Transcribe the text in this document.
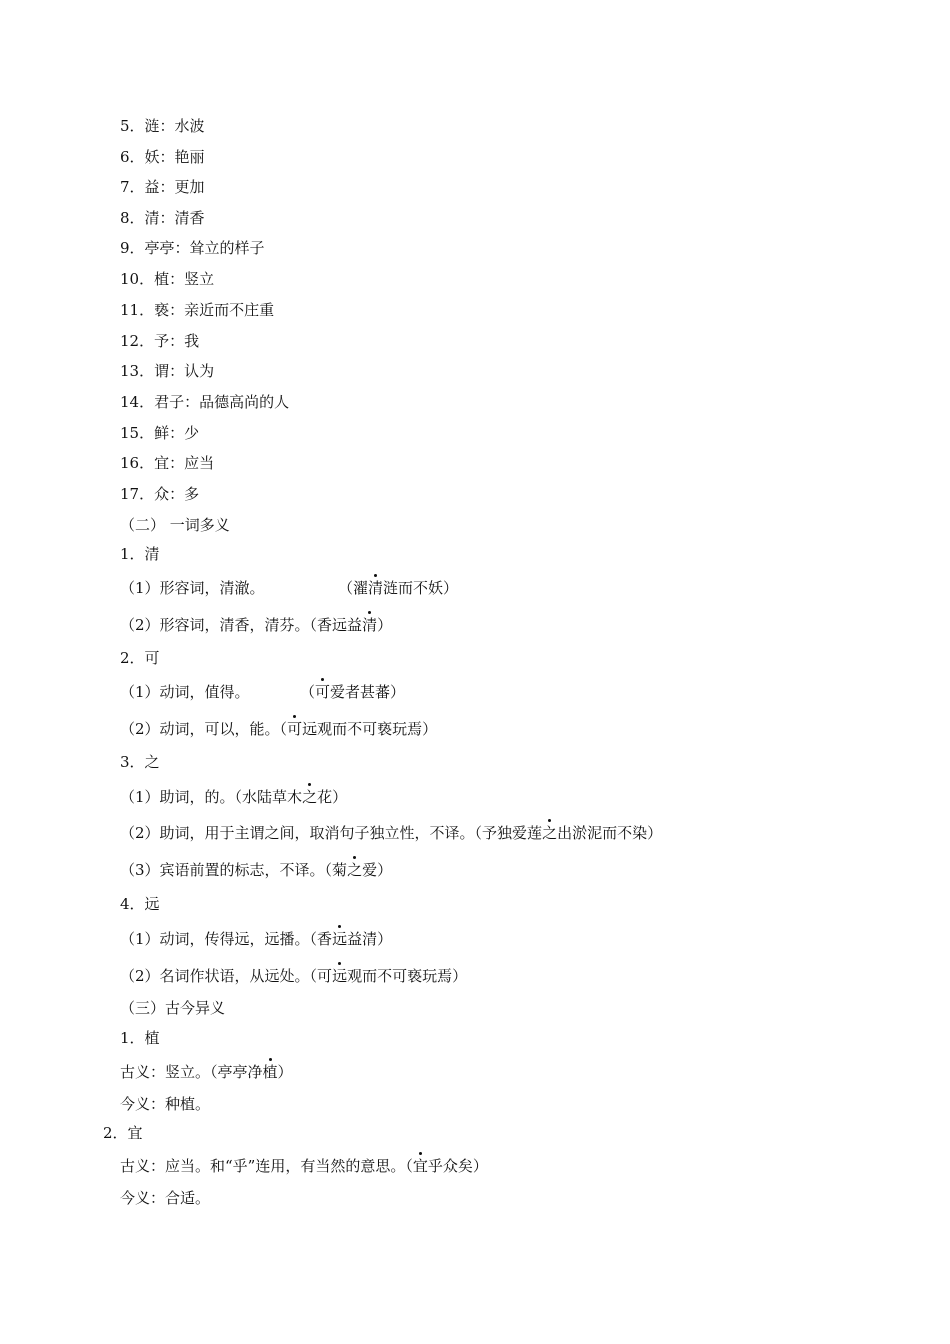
5．涟：水波
6．妖：艳丽
7．益：更加
8．清：清香
9．亭亭：耸立的样子
10．植：竖立
11．亵：亲近而不庄重
12．予：我
13．谓：认为
14．君子：品德高尚的人
15．鲜：少
16．宜：应当
17．众：多
（二） 一词多义
1．清
（1）形容词，清澈。	（濯清涟而不妖）
（2）形容词，清香，清芬。（香远益清）
2．可
（1）动词，值得。	（可爱者甚蕃）
（2）动词，可以，能。（可远观而不可亵玩焉）
3．之
（1）助词，的。（水陆草木之花）
（2）助词，用于主谓之间，取消句子独立性，不译。（予独爱莲之出淤泥而不染）
（3）宾语前置的标志，不译。（菊之爱）
4．远
（1）动词，传得远，远播。（香远益清）
（2）名词作状语，从远处。（可远观而不可亵玩焉）
（三）古今异义
1．植
古义：竖立。（亭亭净植）
今义：种植。
2．宜
古义：应当。和“乎”连用，有当然的意思。（宜乎众矣）
今义：合适。
